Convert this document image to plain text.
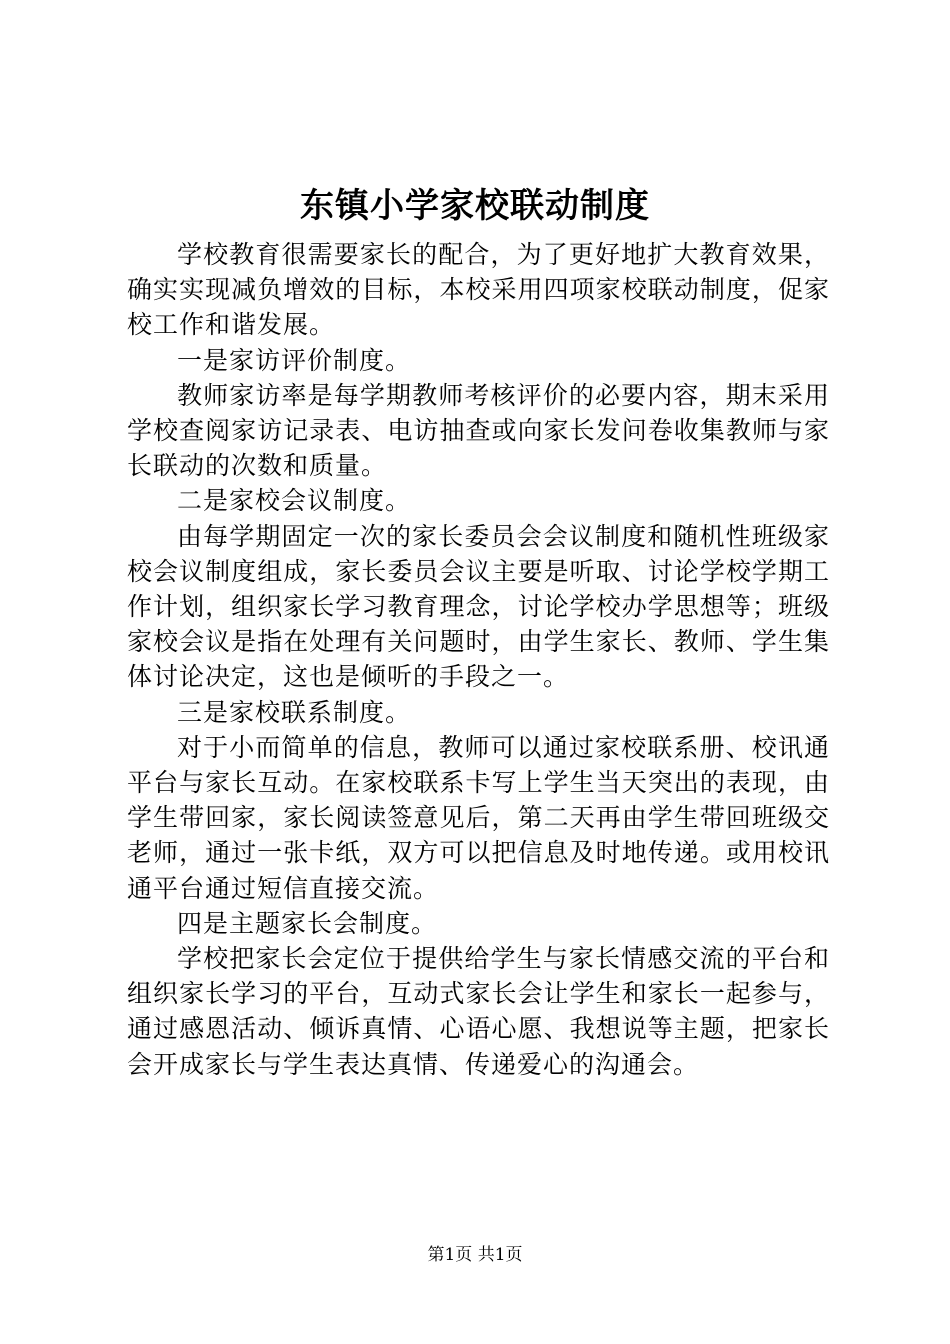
东镇小学家校联动制度

学校教育很需要家长的配合，为了更好地扩大教育效果，确实实现减负增效的目标，本校采用四项家校联动制度，促家校工作和谐发展。

一是家访评价制度。

教师家访率是每学期教师考核评价的必要内容，期末采用学校查阅家访记录表、电访抽查或向家长发问卷收集教师与家长联动的次数和质量。

二是家校会议制度。

由每学期固定一次的家长委员会会议制度和随机性班级家校会议制度组成，家长委员会议主要是听取、讨论学校学期工作计划，组织家长学习教育理念，讨论学校办学思想等；班级家校会议是指在处理有关问题时，由学生家长、教师、学生集体讨论决定，这也是倾听的手段之一。

三是家校联系制度。

对于小而简单的信息，教师可以通过家校联系册、校讯通平台与家长互动。在家校联系卡写上学生当天突出的表现，由学生带回家，家长阅读签意见后，第二天再由学生带回班级交老师，通过一张卡纸，双方可以把信息及时地传递。或用校讯通平台通过短信直接交流。

四是主题家长会制度。

学校把家长会定位于提供给学生与家长情感交流的平台和组织家长学习的平台，互动式家长会让学生和家长一起参与，通过感恩活动、倾诉真情、心语心愿、我想说等主题，把家长会开成家长与学生表达真情、传递爱心的沟通会。

第1页 共1页
